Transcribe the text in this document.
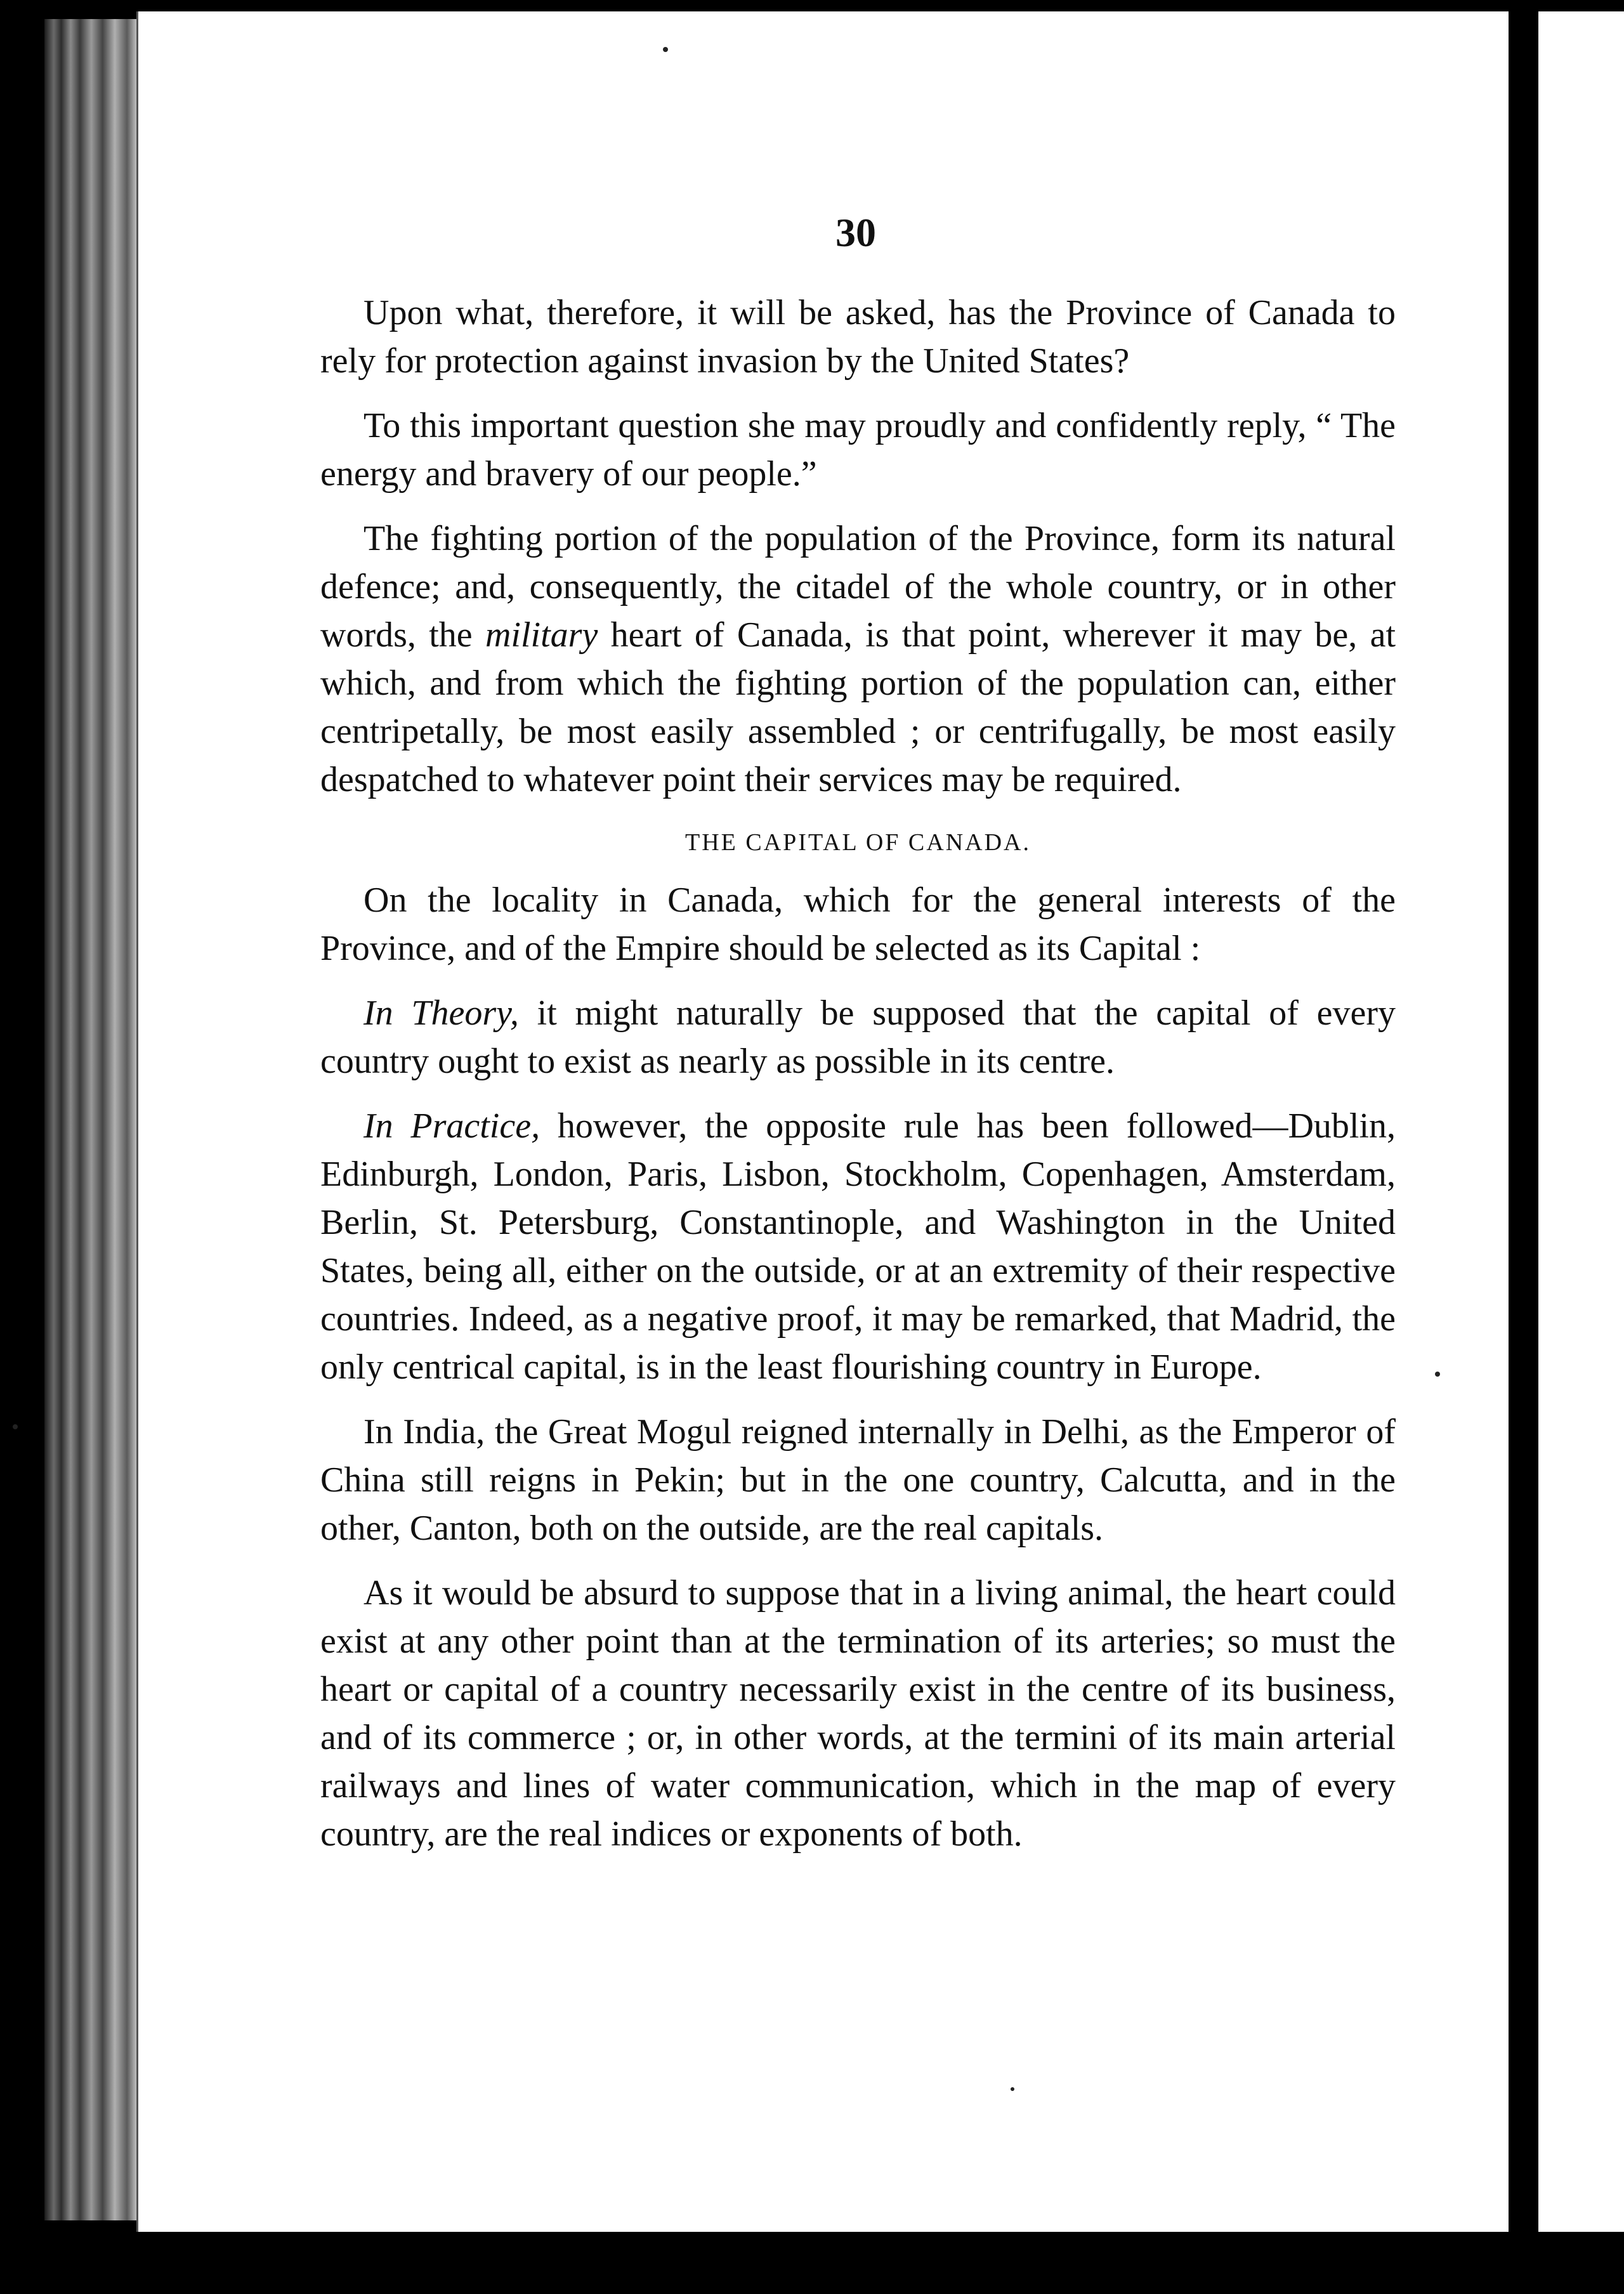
30

Upon what, therefore, it will be asked, has the Province of Canada to rely for protection against invasion by the United States?

To this important question she may proudly and confidently reply, “ The energy and bravery of our people.”

The fighting portion of the population of the Province, form its natural defence; and, consequently, the citadel of the whole country, or in other words, the military heart of Canada, is that point, wherever it may be, at which, and from which the fighting portion of the population can, either centripetally, be most easily assembled ; or centrifugally, be most easily despatched to whatever point their services may be required.

THE CAPITAL OF CANADA.

On the locality in Canada, which for the general interests of the Province, and of the Empire should be selected as its Capital :

In Theory, it might naturally be supposed that the capital of every country ought to exist as nearly as possible in its centre.

In Practice, however, the opposite rule has been followed—Dublin, Edinburgh, London, Paris, Lisbon, Stockholm, Copenhagen, Amsterdam, Berlin, St. Petersburg, Constantinople, and Washington in the United States, being all, either on the outside, or at an extremity of their respective countries. Indeed, as a negative proof, it may be remarked, that Madrid, the only centrical capital, is in the least flourishing country in Europe.

In India, the Great Mogul reigned internally in Delhi, as the Emperor of China still reigns in Pekin; but in the one country, Calcutta, and in the other, Canton, both on the outside, are the real capitals.

As it would be absurd to suppose that in a living animal, the heart could exist at any other point than at the termination of its arteries; so must the heart or capital of a country necessarily exist in the centre of its business, and of its commerce ; or, in other words, at the termini of its main arterial railways and lines of water communication, which in the map of every country, are the real indices or exponents of both.
